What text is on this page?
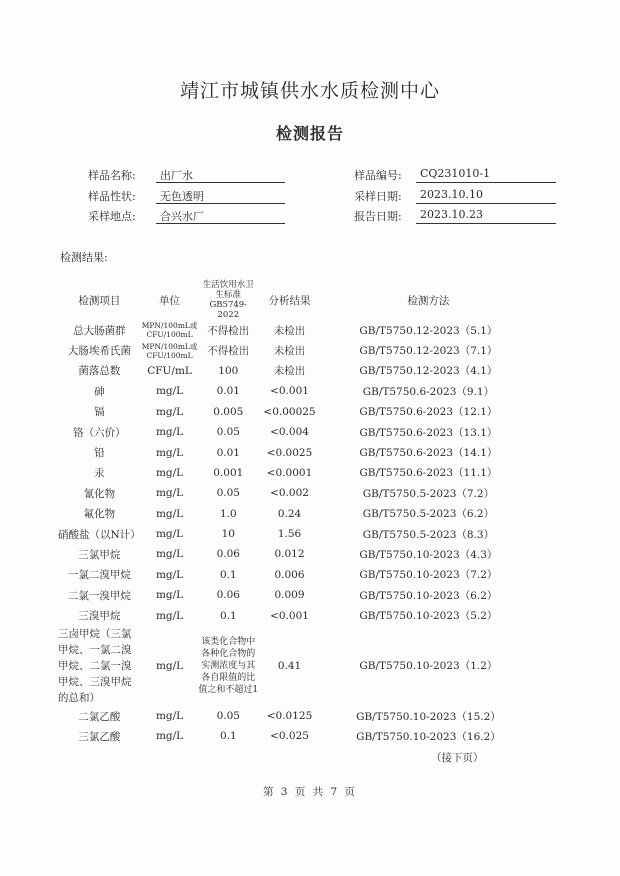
靖江市城镇供水水质检测中心
检测报告
样品名称:	出厂水	样品编号:	CQ231010-1
样品性状:	无色透明	采样日期:	2023.10.10
采样地点:	合兴水厂	报告日期:	2023.10.23
检测结果:
检测项目	单位	生活饮用水卫
生标准GB5749-
2022	分析结果	检测方法
总大肠菌群	MPN/100mL或
CFU/100mL	不得检出	未检出	GB/T5750.12-2023（5.1）
大肠埃希氏菌	MPN/100mL或
CFU/100mL	不得检出	未检出	GB/T5750.12-2023（7.1）
菌落总数	CFU/mL	100	未检出	GB/T5750.12-2023（4.1）
砷	mg/L	0.01	<0.001	GB/T5750.6-2023（9.1）
镉	mg/L	0.005	<0.00025	GB/T5750.6-2023（12.1）
铬（六价）	mg/L	0.05	<0.004	GB/T5750.6-2023（13.1）
铅	mg/L	0.01	<0.0025	GB/T5750.6-2023（14.1）
汞	mg/L	0.001	<0.0001	GB/T5750.6-2023（11.1）
氰化物	mg/L	0.05	<0.002	GB/T5750.5-2023（7.2）
氟化物	mg/L	1.0	0.24	GB/T5750.5-2023（6.2）
硝酸盐（以N计）	mg/L	10	1.56	GB/T5750.5-2023（8.3）
三氯甲烷	mg/L	0.06	0.012	GB/T5750.10-2023（4.3）
一氯二溴甲烷	mg/L	0.1	0.006	GB/T5750.10-2023（7.2）
二氯一溴甲烷	mg/L	0.06	0.009	GB/T5750.10-2023（6.2）
三溴甲烷	mg/L	0.1	<0.001	GB/T5750.10-2023（5.2）
三卤甲烷（三氯甲烷、一氯二溴甲烷、二氯一溴甲烷、三溴甲烷的总和）	mg/L	该类化合物中各种化合物的实测浓度与其各自限值的比值之和不超过1	0.41	GB/T5750.10-2023（1.2）
二氯乙酸	mg/L	0.05	<0.0125	GB/T5750.10-2023（15.2）
三氯乙酸	mg/L	0.1	<0.025	GB/T5750.10-2023（16.2）
（接下页）
第 3 页 共 7 页
